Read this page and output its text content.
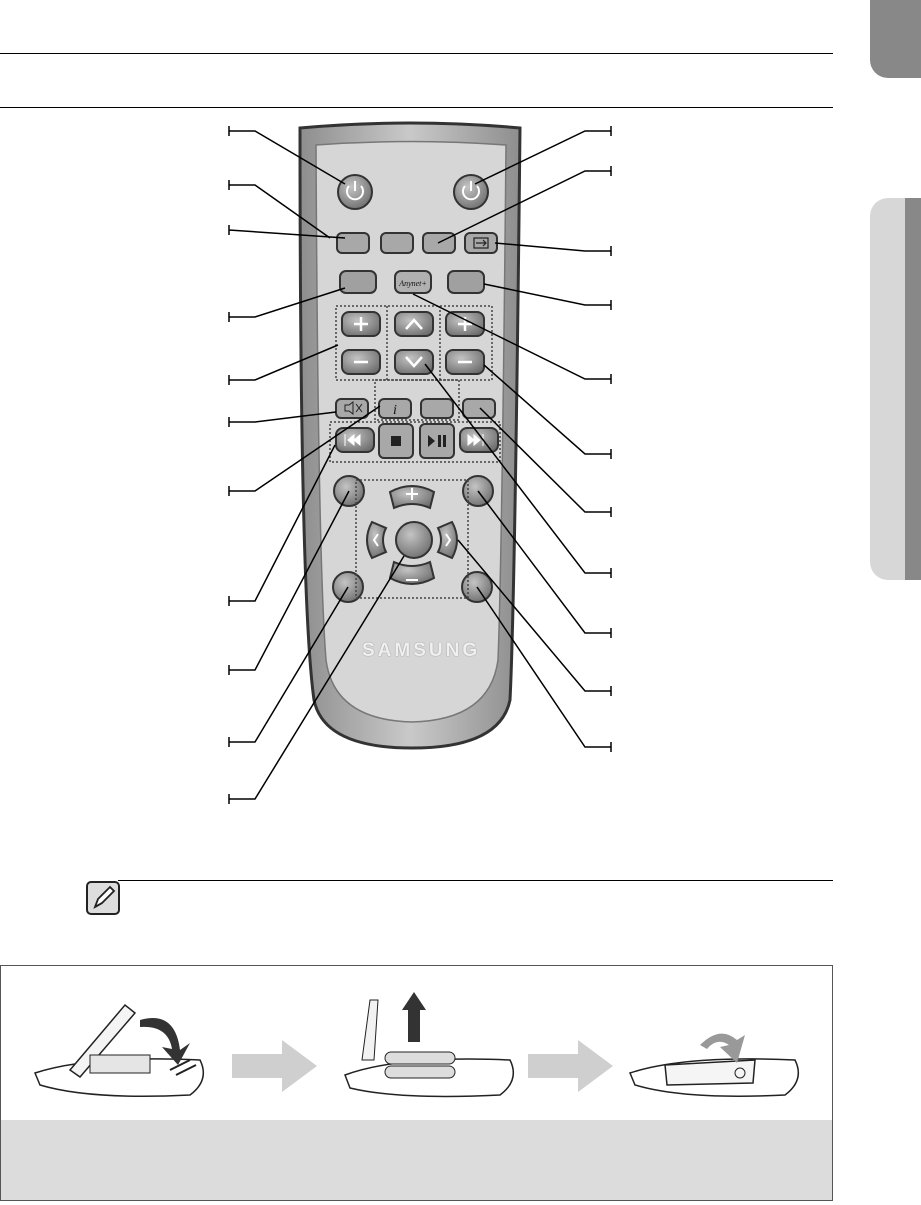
Anynet+
i
SAMSUNG
